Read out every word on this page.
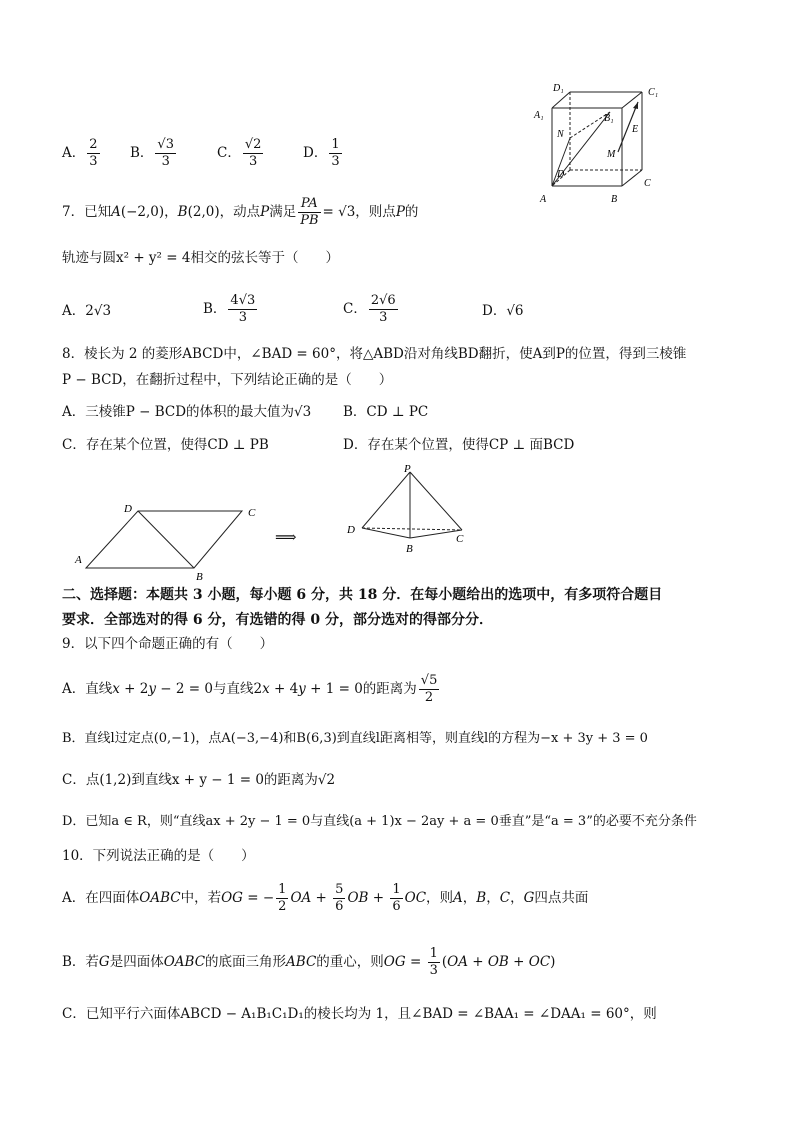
A． $\frac{2}{3}$ B． $\frac{√3}{3}$	C． $\frac{√2}{3}$	D． $\frac{1}{3}$
D₁	C₁
A₁	B₁
N	E
M
D
A	B
C
7．已知A(−2,0)，B(2,0)，动点P满足 $\frac{PA}{PB} = √3$，则点P的
轨迹与圆x² + y² = 4相交的弦长等于（　　）
A．2√3	B． $\frac{4√3}{3}$	C． $\frac{2√6}{3}$	D．√6
8．棱长为 2 的菱形ABCD中，∠BAD = 60°，将△ABD沿对角线BD翻折，使A到P的位置，得到三棱锥
P − BCD，在翻折过程中，下列结论正确的是（　　）
A．三棱锥P − BCD的体积的最大值为√3 B．CD ⊥ PC
C．存在某个位置，使得CD ⊥ PB	D．存在某个位置，使得CP ⊥ 面BCD
D	C
A
B
⟹
P
D
B
C
二、选择题：本题共 3 小题，每小题 6 分，共 18 分．在每小题给出的选项中，有多项符合题目
要求．全部选对的得 6 分，有选错的得 0 分，部分选对的得部分分．
9．以下四个命题正确的有（　　）
A．直线x + 2y − 2 = 0与直线2x + 4y + 1 = 0的距离为 $\frac{√5}{2}$
B．直线l过定点(0,−1)，点A(−3,−4)和B(6,3)到直线l距离相等，则直线l的方程为−x + 3y + 3 = 0
C．点(1,2)到直线x + y − 1 = 0的距离为√2
D．已知a ∈ R，则“直线ax + 2y − 1 = 0与直线(a + 1)x − 2ay + a = 0垂直”是“a = 3”的必要不充分条件
10．下列说法正确的是（　　）
A．在四面体OABC中，若OG = − $\frac{1}{2}$ OA + $\frac{5}{6}$ OB + $\frac{1}{6}$ OC，则A，B，C，G四点共面
B．若G是四面体OABC的底面三角形ABC的重心，则OG = $\frac{1}{3} (OA$ + OB + OC)
C．已知平行六面体ABCD − A₁B₁C₁D₁的棱长均为 1，且∠BAD = ∠BAA₁ = ∠DAA₁ = 60°，则
